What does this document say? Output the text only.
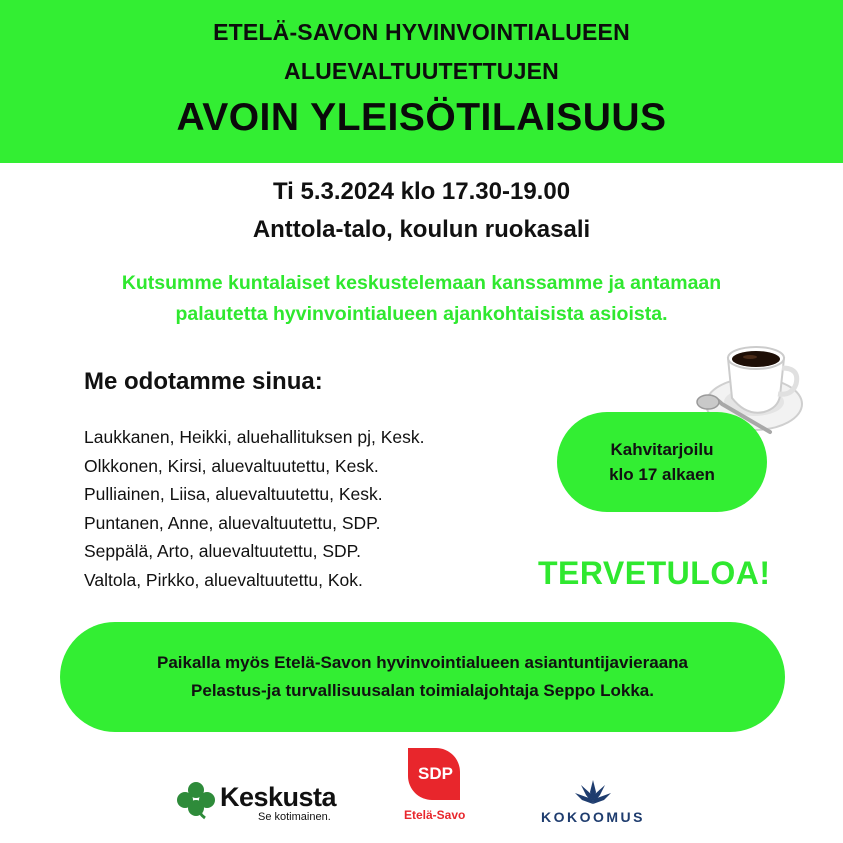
ETELÄ-SAVON HYVINVOINTIALUEEN
ALUEVALTUUTETTUJEN
AVOIN YLEISÖTILAISUUS
Ti 5.3.2024 klo 17.30-19.00
Anttola-talo, koulun ruokasali
Kutsumme kuntalaiset keskustelemaan kanssamme ja antamaan
palautetta hyvinvointialueen ajankohtaisista asioista.
Me odotamme sinua:
Laukkanen, Heikki, aluehallituksen pj, Kesk.
Olkkonen, Kirsi, aluevaltuutettu, Kesk.
Pulliainen, Liisa, aluevaltuutettu, Kesk.
Puntanen, Anne, aluevaltuutettu, SDP.
Seppälä, Arto, aluevaltuutettu, SDP.
Valtola, Pirkko, aluevaltuutettu, Kok.
Kahvitarjoilu
klo 17 alkaen
TERVETULOA!
Paikalla myös Etelä-Savon hyvinvointialueen asiantuntijavieraana
Pelastus-ja turvallisuusalan toimialajohtaja Seppo Lokka.
Keskusta
Se kotimainen.
SDP
Etelä-Savo	KOKOOMUS
